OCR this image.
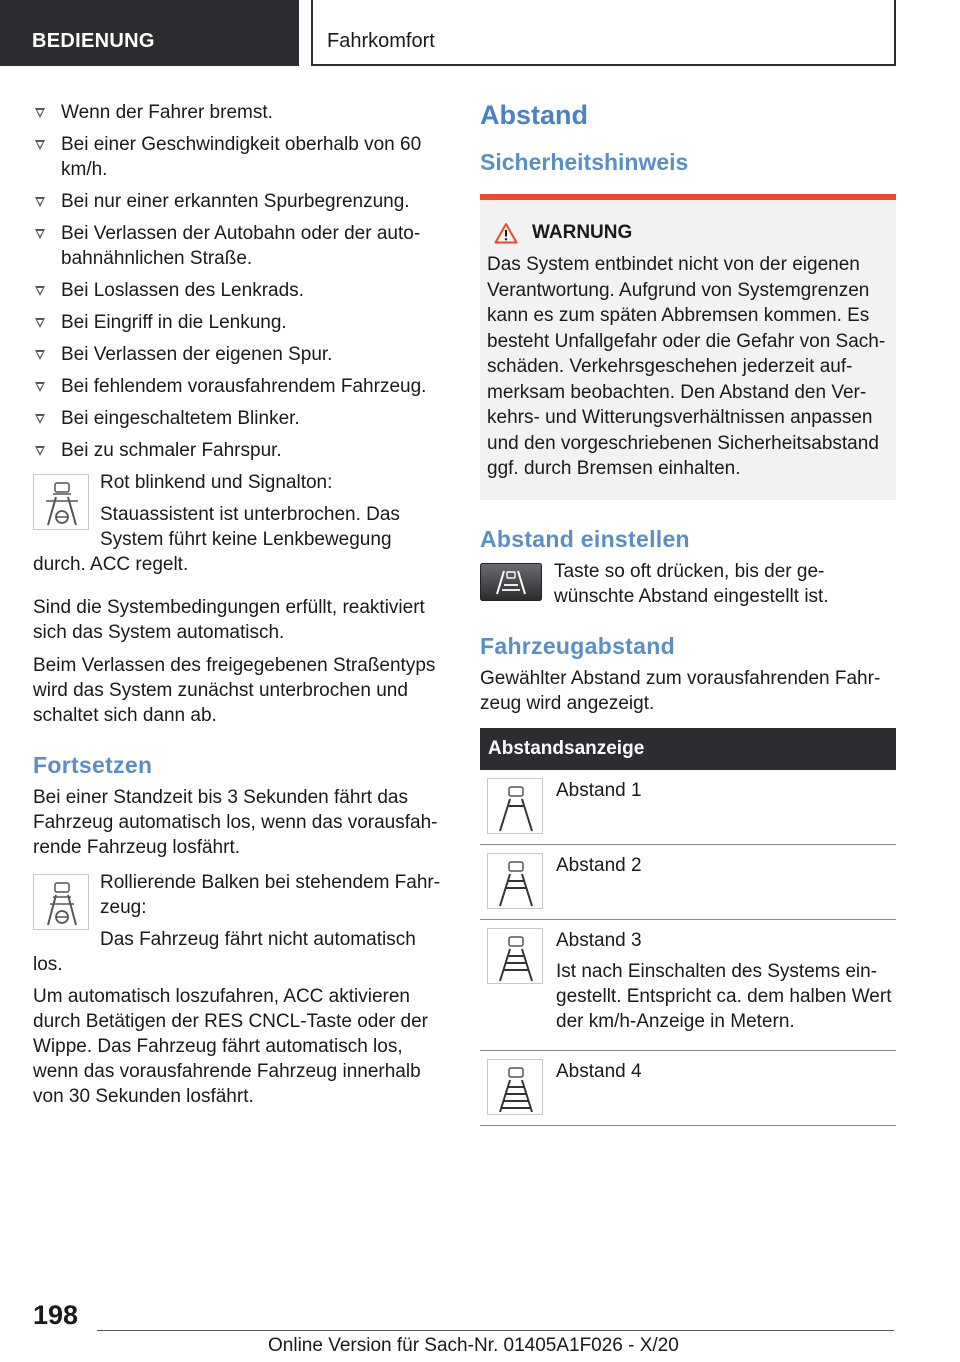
BEDIENUNG	Fahrkomfort
Wenn der Fahrer bremst.
Bei einer Geschwindigkeit oberhalb von 60 km/h.
Bei nur einer erkannten Spurbegrenzung.
Bei Verlassen der Autobahn oder der autobahnähnlichen Straße.
Bei Loslassen des Lenkrads.
Bei Eingriff in die Lenkung.
Bei Verlassen der eigenen Spur.
Bei fehlendem vorausfahrendem Fahrzeug.
Bei eingeschaltetem Blinker.
Bei zu schmaler Fahrspur.

Rot blinkend und Signalton:

Stauassistent ist unterbrochen. Das System führt keine Lenkbewegung durch. ACC regelt.

Sind die Systembedingungen erfüllt, reaktiviert sich das System automatisch.

Beim Verlassen des freigegebenen Straßentyps wird das System zunächst unterbrochen und schaltet sich dann ab.

Fortsetzen

Bei einer Standzeit bis 3 Sekunden fährt das Fahrzeug automatisch los, wenn das vorausfahrende Fahrzeug losfährt.

Rollierende Balken bei stehendem Fahrzeug:

Das Fahrzeug fährt nicht automatisch los.

Um automatisch loszufahren, ACC aktivieren durch Betätigen der RES CNCL-Taste oder der Wippe. Das Fahrzeug fährt automatisch los, wenn das vorausfahrende Fahrzeug innerhalb von 30 Sekunden losfährt.

Abstand
Sicherheitshinweis
WARNUNG

Das System entbindet nicht von der eigenen Verantwortung. Aufgrund von Systemgrenzen kann es zum späten Abbremsen kommen. Es besteht Unfallgefahr oder die Gefahr von Sachschäden. Verkehrsgeschehen jederzeit aufmerksam beobachten. Den Abstand den Verkehrs- und Witterungsverhältnissen anpassen und den vorgeschriebenen Sicherheitsabstand ggf. durch Bremsen einhalten.

Abstand einstellen

Taste so oft drücken, bis der gewünschte Abstand eingestellt ist.

Fahrzeugabstand

Gewählter Abstand zum vorausfahrenden Fahrzeug wird angezeigt.

Abstandsanzeige	

Abstand 1

Abstand 2

Abstand 3

Ist nach Einschalten des Systems eingestellt. Entspricht ca. dem halben Wert der km/h-Anzeige in Metern.

Abstand 4

198
Online Version für Sach-Nr. 01405A1F026 - X/20
